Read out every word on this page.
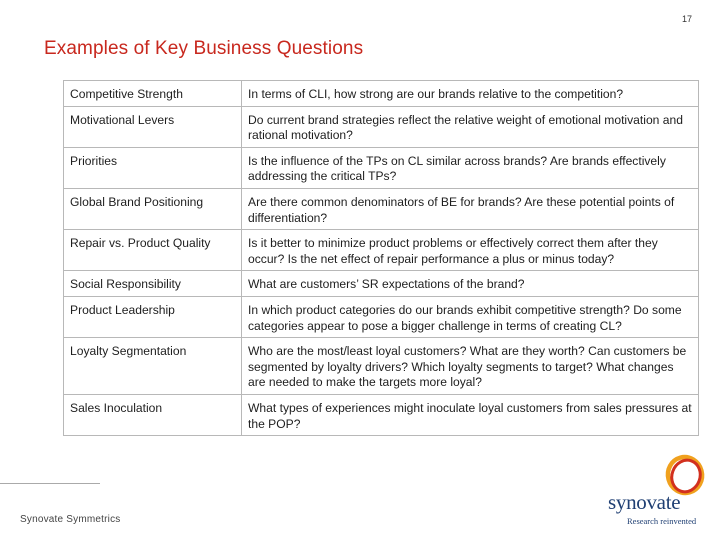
17
Examples of Key Business Questions
Competitive Strength	In terms of CLI, how strong are our brands relative to the competition?
Motivational Levers	Do current brand strategies reflect the relative weight of emotional motivation and rational motivation?
Priorities	Is the influence of the TPs on CL similar across brands? Are brands effectively addressing the critical TPs?
Global Brand Positioning	Are there common denominators of BE for brands? Are these potential points of differentiation?
Repair vs. Product Quality	Is it better to minimize product problems or effectively correct them after they occur? Is the net effect of repair performance a plus or minus today?
Social Responsibility	What are customers’ SR expectations of the brand?
Product Leadership	In which product categories do our brands exhibit competitive strength? Do some categories appear to pose a bigger challenge in terms of creating CL?
Loyalty Segmentation	Who are the most/least loyal customers? What are they worth? Can customers be segmented by loyalty drivers? Which loyalty segments to target? What changes are needed to make the targets more loyal?
Sales Inoculation	What types of experiences might inoculate loyal customers from sales pressures at the POP?
Synovate Symmetrics
synovate
Research reinvented
